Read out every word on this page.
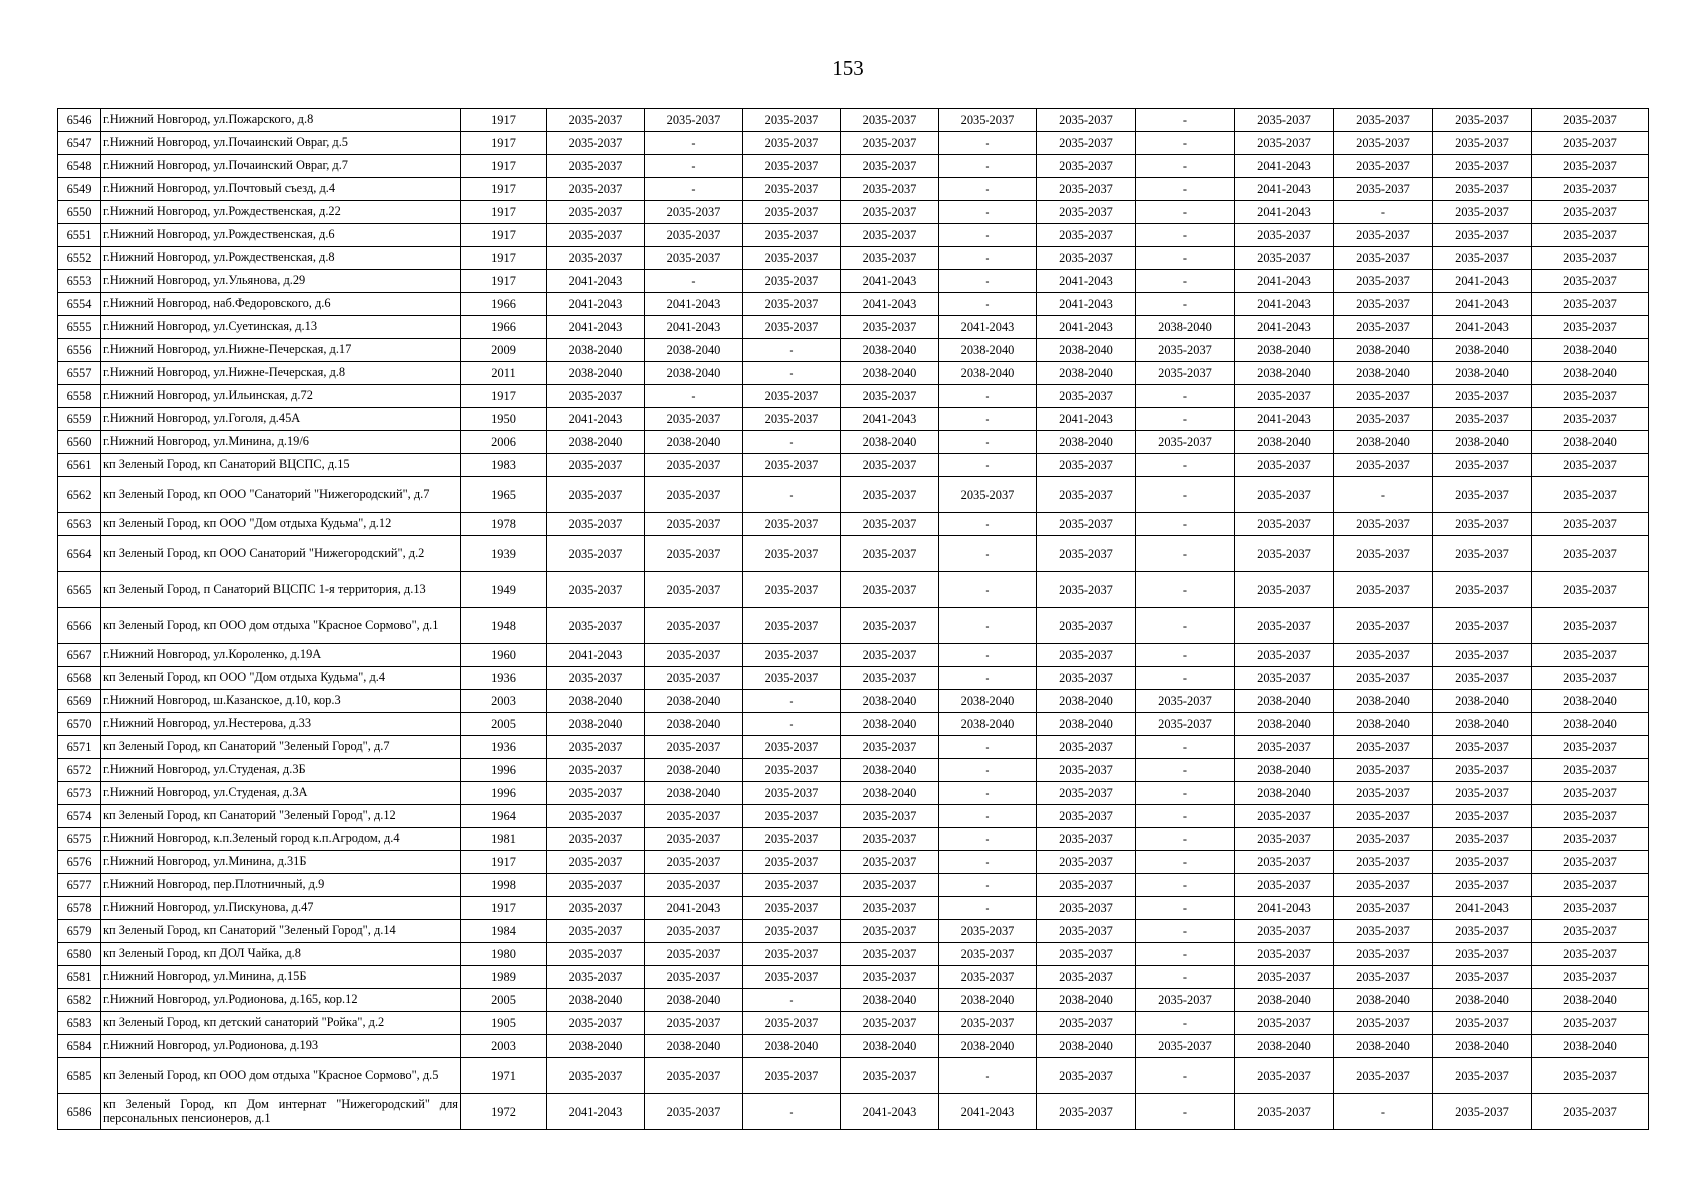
153
6546	г.Нижний Новгород, ул.Пожарского, д.8	1917	2035-2037	2035-2037	2035-2037	2035-2037	2035-2037	2035-2037	-	2035-2037	2035-2037	2035-2037	2035-2037
6547	г.Нижний Новгород, ул.Почаинский Овраг, д.5	1917	2035-2037	-	2035-2037	2035-2037	-	2035-2037	-	2035-2037	2035-2037	2035-2037	2035-2037
6548	г.Нижний Новгород, ул.Почаинский Овраг, д.7	1917	2035-2037	-	2035-2037	2035-2037	-	2035-2037	-	2041-2043	2035-2037	2035-2037	2035-2037
6549	г.Нижний Новгород, ул.Почтовый съезд, д.4	1917	2035-2037	-	2035-2037	2035-2037	-	2035-2037	-	2041-2043	2035-2037	2035-2037	2035-2037
6550	г.Нижний Новгород, ул.Рождественская, д.22	1917	2035-2037	2035-2037	2035-2037	2035-2037	-	2035-2037	-	2041-2043	-	2035-2037	2035-2037
6551	г.Нижний Новгород, ул.Рождественская, д.6	1917	2035-2037	2035-2037	2035-2037	2035-2037	-	2035-2037	-	2035-2037	2035-2037	2035-2037	2035-2037
6552	г.Нижний Новгород, ул.Рождественская, д.8	1917	2035-2037	2035-2037	2035-2037	2035-2037	-	2035-2037	-	2035-2037	2035-2037	2035-2037	2035-2037
6553	г.Нижний Новгород, ул.Ульянова, д.29	1917	2041-2043	-	2035-2037	2041-2043	-	2041-2043	-	2041-2043	2035-2037	2041-2043	2035-2037
6554	г.Нижний Новгород, наб.Федоровского, д.6	1966	2041-2043	2041-2043	2035-2037	2041-2043	-	2041-2043	-	2041-2043	2035-2037	2041-2043	2035-2037
6555	г.Нижний Новгород, ул.Суетинская, д.13	1966	2041-2043	2041-2043	2035-2037	2035-2037	2041-2043	2041-2043	2038-2040	2041-2043	2035-2037	2041-2043	2035-2037
6556	г.Нижний Новгород, ул.Нижне-Печерская, д.17	2009	2038-2040	2038-2040	-	2038-2040	2038-2040	2038-2040	2035-2037	2038-2040	2038-2040	2038-2040	2038-2040
6557	г.Нижний Новгород, ул.Нижне-Печерская, д.8	2011	2038-2040	2038-2040	-	2038-2040	2038-2040	2038-2040	2035-2037	2038-2040	2038-2040	2038-2040	2038-2040
6558	г.Нижний Новгород, ул.Ильинская, д.72	1917	2035-2037	-	2035-2037	2035-2037	-	2035-2037	-	2035-2037	2035-2037	2035-2037	2035-2037
6559	г.Нижний Новгород, ул.Гоголя, д.45А	1950	2041-2043	2035-2037	2035-2037	2041-2043	-	2041-2043	-	2041-2043	2035-2037	2035-2037	2035-2037
6560	г.Нижний Новгород, ул.Минина, д.19/6	2006	2038-2040	2038-2040	-	2038-2040	-	2038-2040	2035-2037	2038-2040	2038-2040	2038-2040	2038-2040
6561	кп Зеленый Город, кп Санаторий ВЦСПС, д.15	1983	2035-2037	2035-2037	2035-2037	2035-2037	-	2035-2037	-	2035-2037	2035-2037	2035-2037	2035-2037
6562	кп Зеленый Город, кп ООО "Санаторий "Нижегородский", д.7	1965	2035-2037	2035-2037	-	2035-2037	2035-2037	2035-2037	-	2035-2037	-	2035-2037	2035-2037
6563	кп Зеленый Город, кп ООО "Дом отдыха Кудьма", д.12	1978	2035-2037	2035-2037	2035-2037	2035-2037	-	2035-2037	-	2035-2037	2035-2037	2035-2037	2035-2037
6564	кп Зеленый Город, кп ООО Санаторий "Нижегородский", д.2	1939	2035-2037	2035-2037	2035-2037	2035-2037	-	2035-2037	-	2035-2037	2035-2037	2035-2037	2035-2037
6565	кп Зеленый Город, п Санаторий ВЦСПС 1-я территория, д.13	1949	2035-2037	2035-2037	2035-2037	2035-2037	-	2035-2037	-	2035-2037	2035-2037	2035-2037	2035-2037
6566	кп Зеленый Город, кп ООО дом отдыха "Красное Сормово", д.1	1948	2035-2037	2035-2037	2035-2037	2035-2037	-	2035-2037	-	2035-2037	2035-2037	2035-2037	2035-2037
6567	г.Нижний Новгород, ул.Короленко, д.19А	1960	2041-2043	2035-2037	2035-2037	2035-2037	-	2035-2037	-	2035-2037	2035-2037	2035-2037	2035-2037
6568	кп Зеленый Город, кп ООО "Дом отдыха Кудьма", д.4	1936	2035-2037	2035-2037	2035-2037	2035-2037	-	2035-2037	-	2035-2037	2035-2037	2035-2037	2035-2037
6569	г.Нижний Новгород, ш.Казанское, д.10, кор.3	2003	2038-2040	2038-2040	-	2038-2040	2038-2040	2038-2040	2035-2037	2038-2040	2038-2040	2038-2040	2038-2040
6570	г.Нижний Новгород, ул.Нестерова, д.33	2005	2038-2040	2038-2040	-	2038-2040	2038-2040	2038-2040	2035-2037	2038-2040	2038-2040	2038-2040	2038-2040
6571	кп Зеленый Город, кп Санаторий "Зеленый Город", д.7	1936	2035-2037	2035-2037	2035-2037	2035-2037	-	2035-2037	-	2035-2037	2035-2037	2035-2037	2035-2037
6572	г.Нижний Новгород, ул.Студеная, д.3Б	1996	2035-2037	2038-2040	2035-2037	2038-2040	-	2035-2037	-	2038-2040	2035-2037	2035-2037	2035-2037
6573	г.Нижний Новгород, ул.Студеная, д.3А	1996	2035-2037	2038-2040	2035-2037	2038-2040	-	2035-2037	-	2038-2040	2035-2037	2035-2037	2035-2037
6574	кп Зеленый Город, кп Санаторий "Зеленый Город", д.12	1964	2035-2037	2035-2037	2035-2037	2035-2037	-	2035-2037	-	2035-2037	2035-2037	2035-2037	2035-2037
6575	г.Нижний Новгород, к.п.Зеленый город к.п.Агродом, д.4	1981	2035-2037	2035-2037	2035-2037	2035-2037	-	2035-2037	-	2035-2037	2035-2037	2035-2037	2035-2037
6576	г.Нижний Новгород, ул.Минина, д.31Б	1917	2035-2037	2035-2037	2035-2037	2035-2037	-	2035-2037	-	2035-2037	2035-2037	2035-2037	2035-2037
6577	г.Нижний Новгород, пер.Плотничный, д.9	1998	2035-2037	2035-2037	2035-2037	2035-2037	-	2035-2037	-	2035-2037	2035-2037	2035-2037	2035-2037
6578	г.Нижний Новгород, ул.Пискунова, д.47	1917	2035-2037	2041-2043	2035-2037	2035-2037	-	2035-2037	-	2041-2043	2035-2037	2041-2043	2035-2037
6579	кп Зеленый Город, кп Санаторий "Зеленый Город", д.14	1984	2035-2037	2035-2037	2035-2037	2035-2037	2035-2037	2035-2037	-	2035-2037	2035-2037	2035-2037	2035-2037
6580	кп Зеленый Город, кп ДОЛ Чайка, д.8	1980	2035-2037	2035-2037	2035-2037	2035-2037	2035-2037	2035-2037	-	2035-2037	2035-2037	2035-2037	2035-2037
6581	г.Нижний Новгород, ул.Минина, д.15Б	1989	2035-2037	2035-2037	2035-2037	2035-2037	2035-2037	2035-2037	-	2035-2037	2035-2037	2035-2037	2035-2037
6582	г.Нижний Новгород, ул.Родионова, д.165, кор.12	2005	2038-2040	2038-2040	-	2038-2040	2038-2040	2038-2040	2035-2037	2038-2040	2038-2040	2038-2040	2038-2040
6583	кп Зеленый Город, кп детский санаторий "Ройка", д.2	1905	2035-2037	2035-2037	2035-2037	2035-2037	2035-2037	2035-2037	-	2035-2037	2035-2037	2035-2037	2035-2037
6584	г.Нижний Новгород, ул.Родионова, д.193	2003	2038-2040	2038-2040	2038-2040	2038-2040	2038-2040	2038-2040	2035-2037	2038-2040	2038-2040	2038-2040	2038-2040
6585	кп Зеленый Город, кп ООО дом отдыха "Красное Сормово", д.5	1971	2035-2037	2035-2037	2035-2037	2035-2037	-	2035-2037	-	2035-2037	2035-2037	2035-2037	2035-2037
6586	кп Зеленый Город, кп Дом интернат "Нижегородский" для персональных пенсионеров, д.1	1972	2041-2043	2035-2037	-	2041-2043	2041-2043	2035-2037	-	2035-2037	-	2035-2037	2035-2037
